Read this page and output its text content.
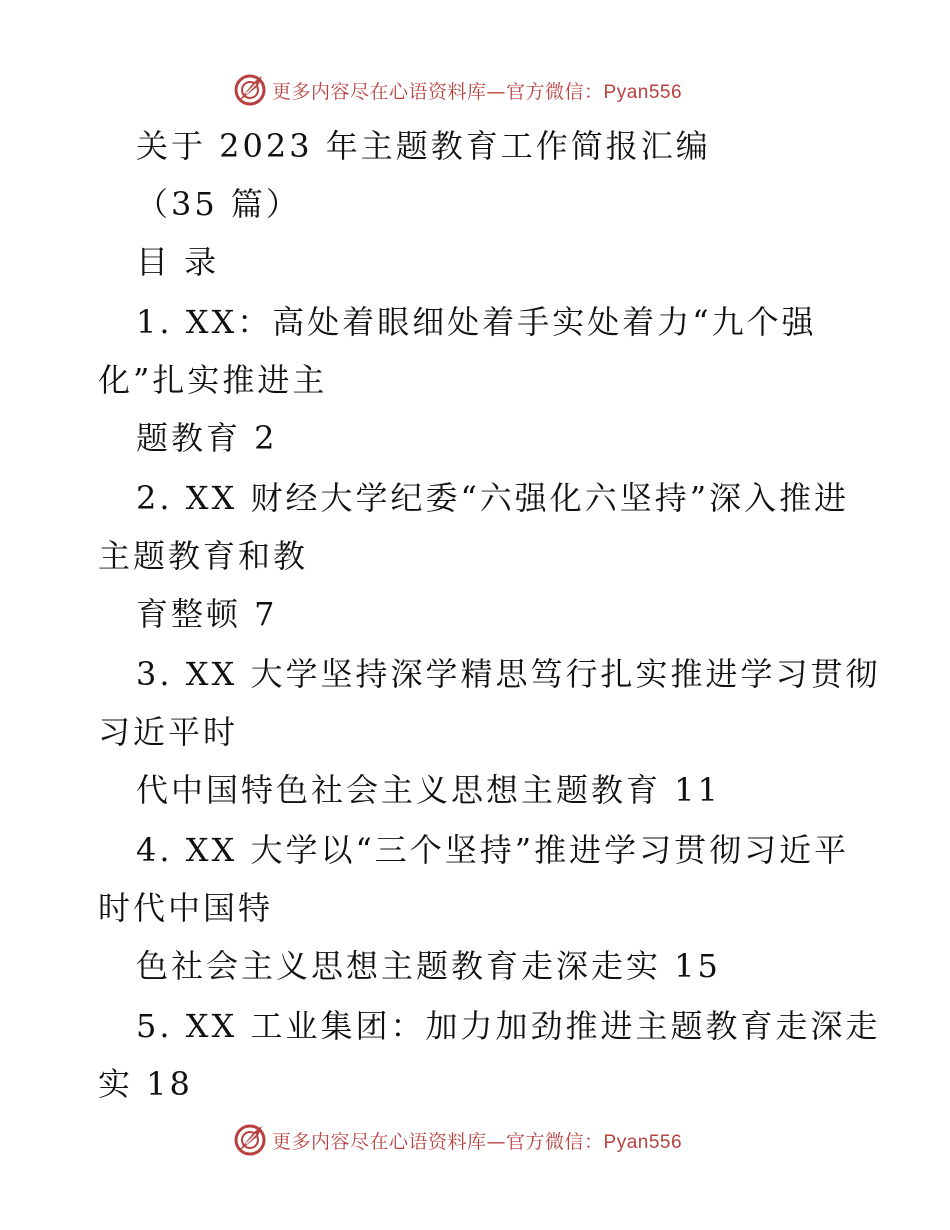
更多内容尽在心语资料库—官方微信：Pyan556

关于 2023 年主题教育工作简报汇编

（35 篇）

目 录

1. XX：高处着眼细处着手实处着力“九个强

化”扎实推进主

题教育 2

2. XX 财经大学纪委“六强化六坚持”深入推进

主题教育和教

育整顿 7

3. XX 大学坚持深学精思笃行扎实推进学习贯彻

习近平时

代中国特色社会主义思想主题教育 11

4. XX 大学以“三个坚持”推进学习贯彻习近平

时代中国特

色社会主义思想主题教育走深走实 15

5. XX 工业集团：加力加劲推进主题教育走深走

实 18

更多内容尽在心语资料库—官方微信：Pyan556
